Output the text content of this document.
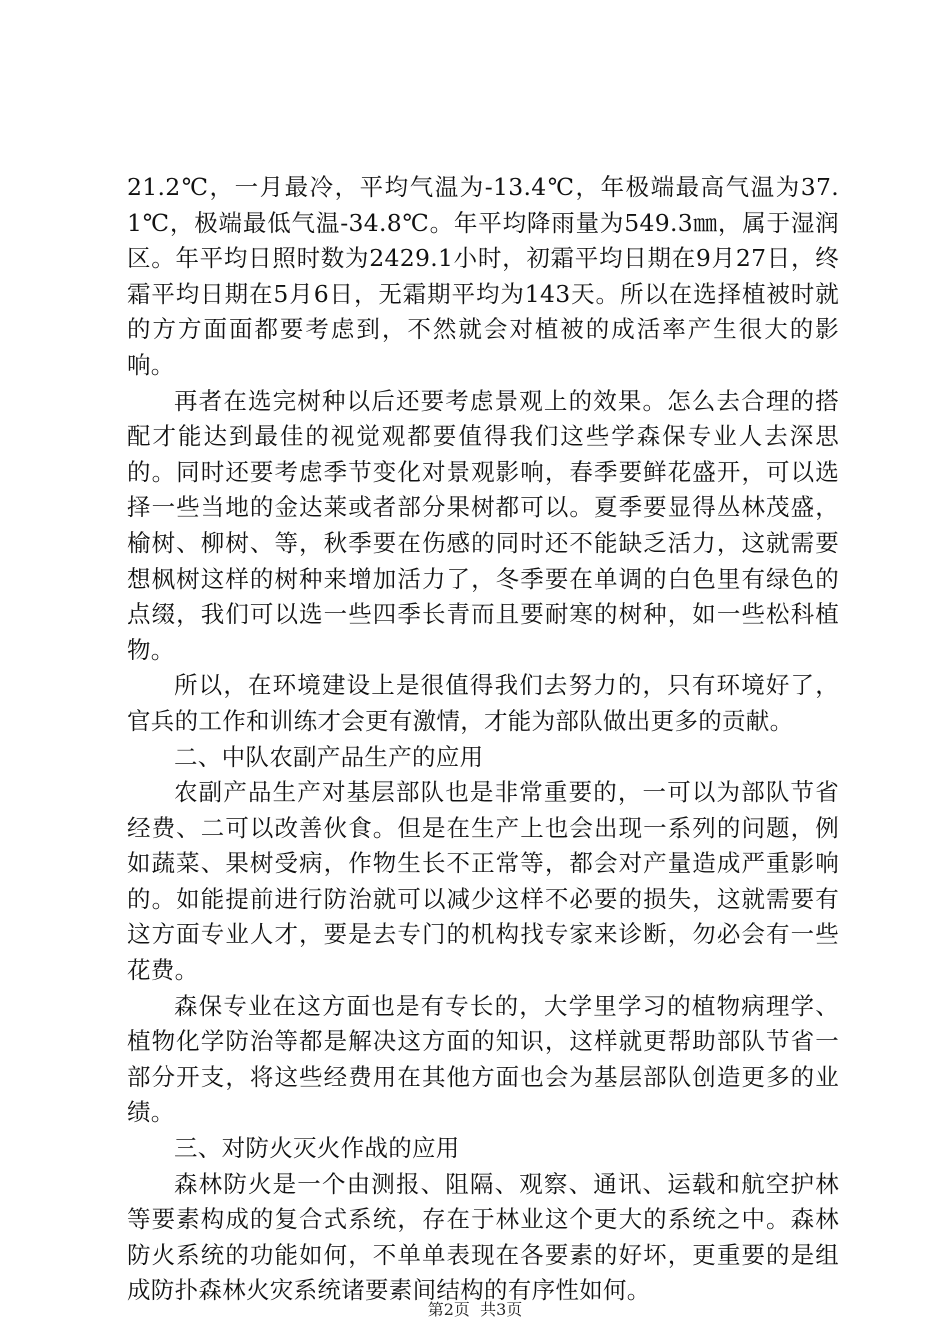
21.2℃，一月最冷，平均气温为-13.4℃，年极端最高气温为37.1℃，极端最低气温-34.8℃。年平均降雨量为549.3㎜，属于湿润区。年平均日照时数为2429.1小时，初霜平均日期在9月27日，终霜平均日期在5月6日，无霜期平均为143天。所以在选择植被时就的方方面面都要考虑到，不然就会对植被的成活率产生很大的影响。

再者在选完树种以后还要考虑景观上的效果。怎么去合理的搭配才能达到最佳的视觉观都要值得我们这些学森保专业人去深思的。同时还要考虑季节变化对景观影响，春季要鲜花盛开，可以选择一些当地的金达莱或者部分果树都可以。夏季要显得丛林茂盛，榆树、柳树、等，秋季要在伤感的同时还不能缺乏活力，这就需要想枫树这样的树种来增加活力了，冬季要在单调的白色里有绿色的点缀，我们可以选一些四季长青而且要耐寒的树种，如一些松科植物。

所以，在环境建设上是很值得我们去努力的，只有环境好了，官兵的工作和训练才会更有激情，才能为部队做出更多的贡献。

二、中队农副产品生产的应用

农副产品生产对基层部队也是非常重要的，一可以为部队节省经费、二可以改善伙食。但是在生产上也会出现一系列的问题，例如蔬菜、果树受病，作物生长不正常等，都会对产量造成严重影响的。如能提前进行防治就可以减少这样不必要的损失，这就需要有这方面专业人才，要是去专门的机构找专家来诊断，勿必会有一些花费。

森保专业在这方面也是有专长的，大学里学习的植物病理学、植物化学防治等都是解决这方面的知识，这样就更帮助部队节省一部分开支，将这些经费用在其他方面也会为基层部队创造更多的业绩。

三、对防火灭火作战的应用

森林防火是一个由测报、阻隔、观察、通讯、运载和航空护林等要素构成的复合式系统，存在于林业这个更大的系统之中。森林防火系统的功能如何，不单单表现在各要素的好坏，更重要的是组成防扑森林火灾系统诸要素间结构的有序性如何。

第2页  共3页
